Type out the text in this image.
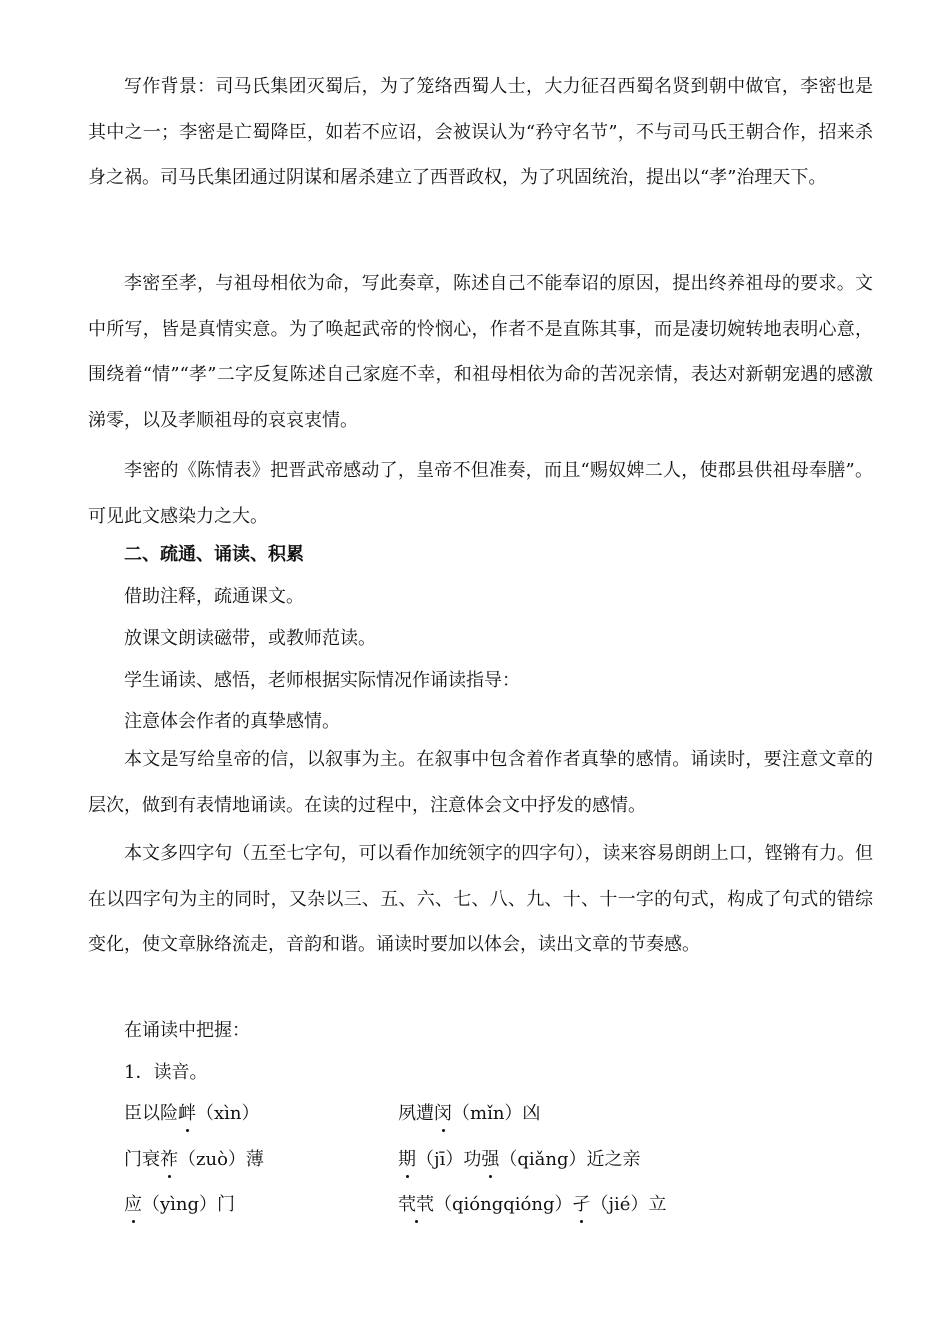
写作背景：司马氏集团灭蜀后，为了笼络西蜀人士，大力征召西蜀名贤到朝中做官，李密也是其中之一；李密是亡蜀降臣，如若不应诏，会被误认为“矜守名节”，不与司马氏王朝合作，招来杀身之祸。司马氏集团通过阴谋和屠杀建立了西晋政权，为了巩固统治，提出以“孝”治理天下。

李密至孝，与祖母相依为命，写此奏章，陈述自己不能奉诏的原因，提出终养祖母的要求。文中所写，皆是真情实意。为了唤起武帝的怜悯心，作者不是直陈其事，而是凄切婉转地表明心意，围绕着“情”“孝”二字反复陈述自己家庭不幸，和祖母相依为命的苦况亲情，表达对新朝宠遇的感激涕零，以及孝顺祖母的哀哀衷情。

李密的《陈情表》把晋武帝感动了，皇帝不但准奏，而且“赐奴婢二人，使郡县供祖母奉膳”。可见此文感染力之大。

二、疏通、诵读、积累

借助注释，疏通课文。

放课文朗读磁带，或教师范读。

学生诵读、感悟，老师根据实际情况作诵读指导：

注意体会作者的真挚感情。

本文是写给皇帝的信，以叙事为主。在叙事中包含着作者真挚的感情。诵读时，要注意文章的层次，做到有表情地诵读。在读的过程中，注意体会文中抒发的感情。

本文多四字句（五至七字句，可以看作加统领字的四字句），读来容易朗朗上口，铿锵有力。但在以四字句为主的同时，又杂以三、五、六、七、八、九、十、十一字的句式，构成了句式的错综变化，使文章脉络流走，音韵和谐。诵读时要加以体会，读出文章的节奏感。

在诵读中把握：

1．读音。

臣以险衅（xìn）	夙遭闵（mǐn）凶

门衰祚（zuò）薄	期（jī）功强（qiǎng）近之亲

应（yìng）门	茕茕（qióngqióng）孑（jié）立
